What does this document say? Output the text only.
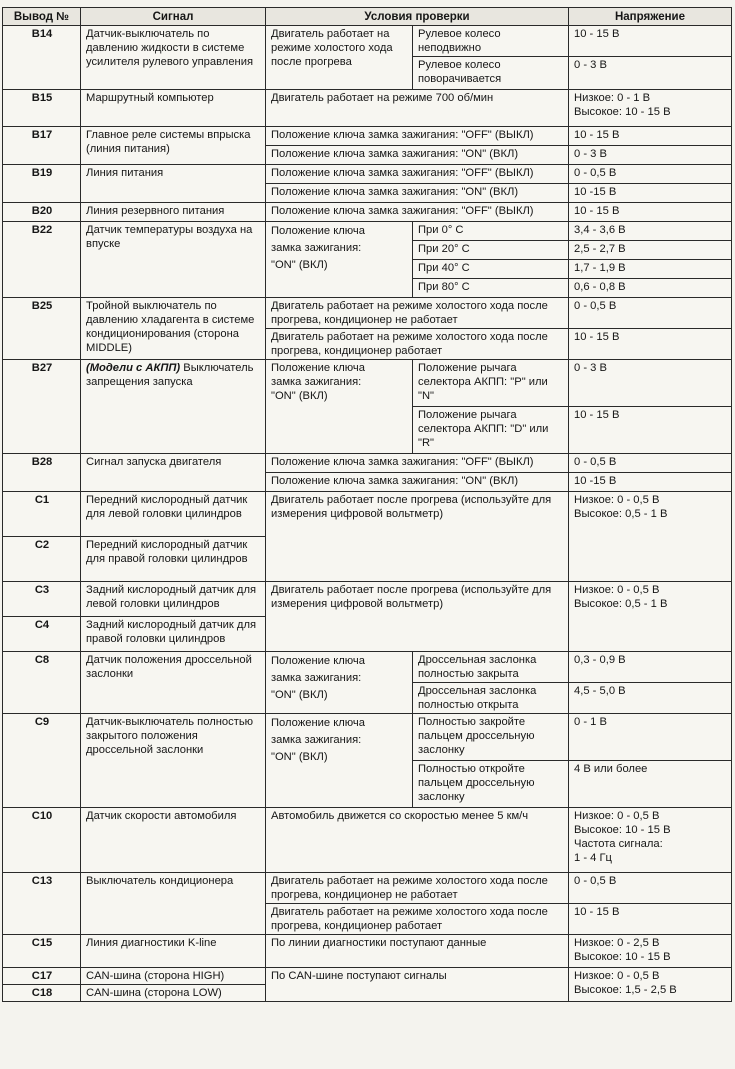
Вывод №	Сигнал	Условия проверки		Напряжение
B14	Датчик-выключатель по давлению жидкости в системе усилителя рулевого управления	Двигатель работает на режиме холостого хода после прогрева	Рулевое колесо неподвижно	10 - 15 В
			Рулевое колесо поворачивается	0 - 3 В
B15	Маршрутный компьютер	Двигатель работает на режиме 700 об/мин		Низкое: 0 - 1 В
Высокое: 10 - 15 В

B17	Главное реле системы впрыска (линия питания)	Положение ключа замка зажигания: "OFF" (ВЫКЛ)		10 - 15 В
		Положение ключа замка зажигания: "ON" (ВКЛ)		0 - 3 В
B19	Линия питания	Положение ключа замка зажигания: "OFF" (ВЫКЛ)		0 - 0,5 В
		Положение ключа замка зажигания: "ON" (ВКЛ)		10 -15 В
B20	Линия резервного питания	Положение ключа замка зажигания: "OFF" (ВЫКЛ)		10 - 15 В
B22	Датчик температуры воздуха на впуске	Положение ключа
замка зажигания:
"ON" (ВКЛ)	При 0° С	3,4 - 3,6 В
			При 20° С	2,5 - 2,7 В
			При 40° С	1,7 - 1,9 В
			При 80° С	0,6 - 0,8 В
B25	Тройной выключатель по давлению хладагента в системе кондиционирования (сторона MIDDLE)	Двигатель работает на режиме холостого хода после прогрева, кондиционер не работает		0 - 0,5 В
		Двигатель работает на режиме холостого хода после прогрева, кондиционер работает		10 - 15 В
B27	(Модели с АКПП) Выключатель запрещения запуска	Положение ключа
замка зажигания:
"ON" (ВКЛ)	Положение рычага селектора АКПП: "P" или "N"	0 - 3 В
			Положение рычага селектора АКПП: "D" или "R"	10 - 15 В
B28	Сигнал запуска двигателя	Положение ключа замка зажигания: "OFF" (ВЫКЛ)		0 - 0,5 В
		Положение ключа замка зажигания: "ON" (ВКЛ)		10 -15 В
C1	Передний кислородный датчик для левой головки цилиндров	Двигатель работает после прогрева (используйте для измерения цифровой вольтметр)		Низкое: 0 - 0,5 В
Высокое: 0,5 - 1 В

C2	Передний кислородный датчик для правой головки цилиндров			
C3	Задний кислородный датчик для левой головки цилиндров	Двигатель работает после прогрева (используйте для измерения цифровой вольтметр)		Низкое: 0 - 0,5 В
Высокое: 0,5 - 1 В

C4	Задний кислородный датчик для правой головки цилиндров			
C8	Датчик положения дроссельной заслонки	Положение ключа
замка зажигания:
"ON" (ВКЛ)	Дроссельная заслонка полностью закрыта	0,3 - 0,9 В
			Дроссельная заслонка полностью открыта	4,5 - 5,0 В
C9	Датчик-выключатель полностью закрытого положения дроссельной заслонки	Положение ключа
замка зажигания:
"ON" (ВКЛ)	Полностью закройте пальцем дроссельную заслонку	0 - 1 В
			Полностью откройте пальцем дроссельную заслонку	4 В или более
C10	Датчик скорости автомобиля	Автомобиль движется со скоростью менее 5 км/ч		Низкое: 0 - 0,5 В
Высокое: 10 - 15 В
Частота сигнала:
1 - 4 Гц

C13	Выключатель кондиционера	Двигатель работает на режиме холостого хода после прогрева, кондиционер не работает		0 - 0,5 В
		Двигатель работает на режиме холостого хода после прогрева, кондиционер работает		10 - 15 В
C15	Линия диагностики K-line	По линии диагностики поступают данные		Низкое: 0 - 2,5 В
Высокое: 10 - 15 В

C17	CAN-шина (сторона HIGH)	По CAN-шине поступают сигналы		Низкое: 0 - 0,5 В
Высокое: 1,5 - 2,5 В

C18	CAN-шина (сторона LOW)			
